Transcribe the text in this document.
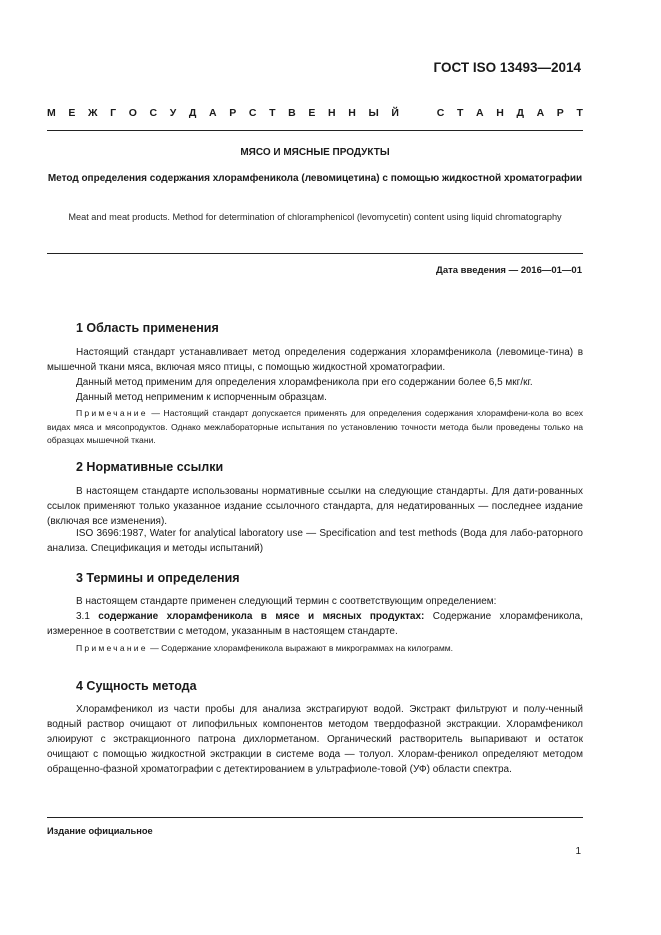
ГОСТ ISO 13493—2014
М Е Ж Г О С У Д А Р С Т В Е Н Н Ы Й	С Т А Н Д А Р Т
МЯСО И МЯСНЫЕ ПРОДУКТЫ
Метод определения содержания хлорамфеникола (левомицетина) с помощью жидкостной хроматографии
Meat and meat products. Method for determination of chloramphenicol (levomycetin) content using liquid chromatography
Дата введения — 2016—01—01
1 Область применения

Настоящий стандарт устанавливает метод определения содержания хлорамфеникола (левомице-тина) в мышечной ткани мяса, включая мясо птицы, с помощью жидкостной хроматографии.

Данный метод применим для определения хлорамфеникола при его содержании более 6,5 мкг/кг.

Данный метод неприменим к испорченным образцам.

Примечание — Настоящий стандарт допускается применять для определения содержания хлорамфени-кола во всех видах мяса и мясопродуктов. Однако межлабораторные испытания по установлению точности метода были проведены только на образцах мышечной ткани.

2 Нормативные ссылки

В настоящем стандарте использованы нормативные ссылки на следующие стандарты. Для дати-рованных ссылок применяют только указанное издание ссылочного стандарта, для недатированных — последнее издание (включая все изменения).

ISO 3696:1987, Water for analytical laboratory use — Specification and test methods (Вода для лабо-раторного анализа. Спецификация и методы испытаний)

3 Термины и определения

В настоящем стандарте применен следующий термин с соответствующим определением:

3.1 содержание хлорамфеникола в мясе и мясных продуктах: Содержание хлорамфеникола, измеренное в соответствии с методом, указанным в настоящем стандарте.

Примечание — Содержание хлорамфеникола выражают в микрограммах на килограмм.

4 Сущность метода

Хлорамфеникол из части пробы для анализа экстрагируют водой. Экстракт фильтруют и полу-ченный водный раствор очищают от липофильных компонентов методом твердофазной экстракции. Хлорамфеникол элюируют с экстракционного патрона дихлорметаном. Органический растворитель выпаривают и остаток очищают с помощью жидкостной экстракции в системе вода — толуол. Хлорам-феникол определяют методом обращенно-фазной хроматографии с детектированием в ультрафиоле-товой (УФ) области спектра.

Издание официальное
1
